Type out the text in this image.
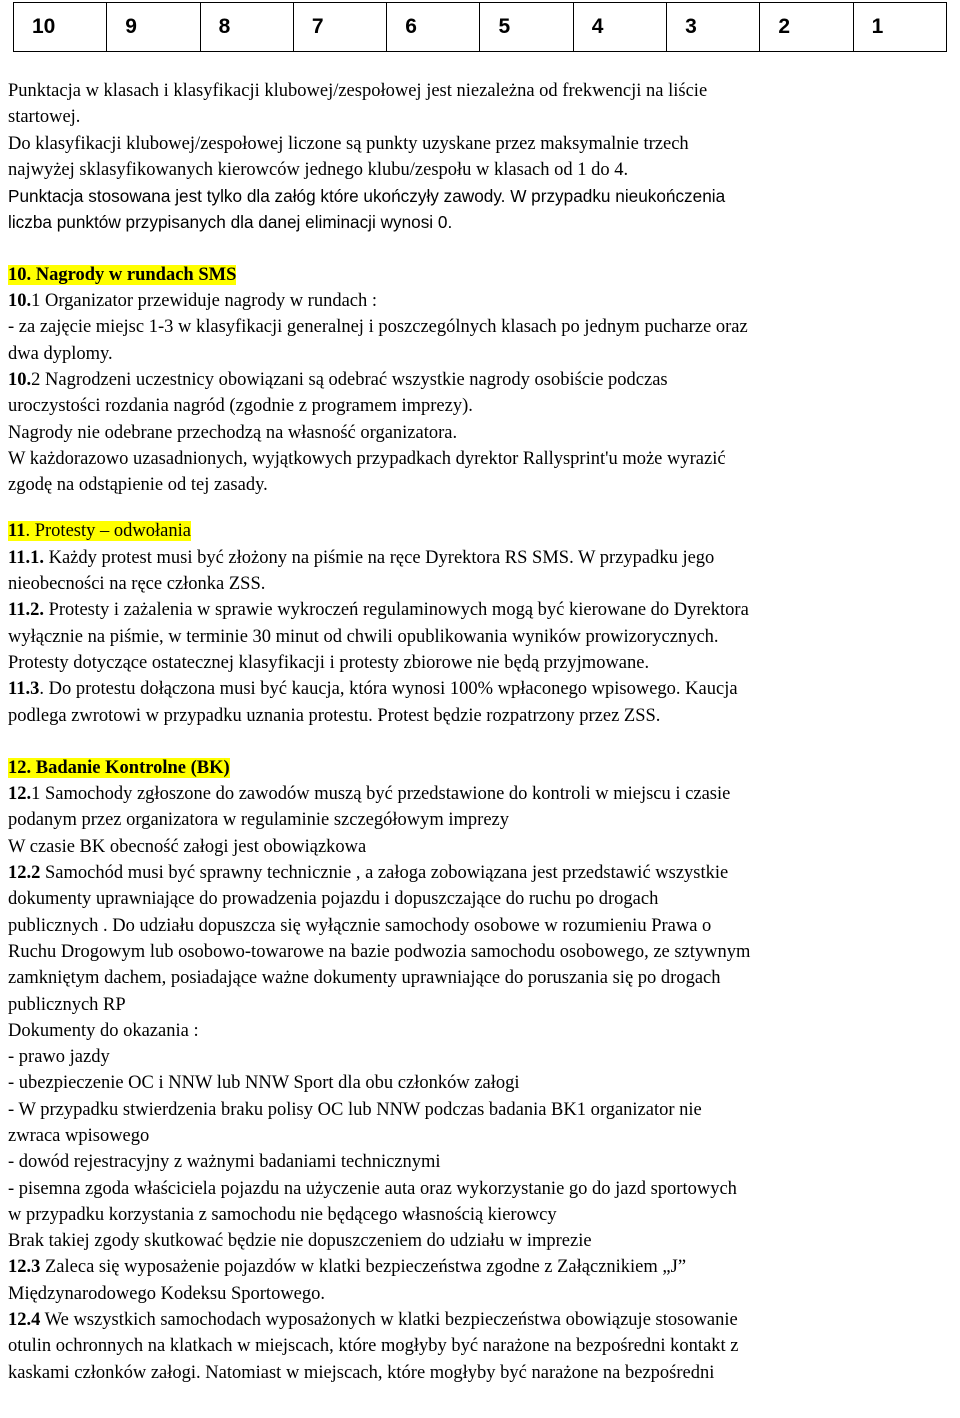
10	9	8	7	6	5	4	3	2	1

Punktacja w klasach i klasyfikacji klubowej/zespołowej jest niezależna od frekwencji na liście

startowej.

Do klasyfikacji klubowej/zespołowej liczone są punkty uzyskane przez maksymalnie trzech

najwyżej sklasyfikowanych kierowców jednego klubu/zespołu w klasach od 1 do 4.

Punktacja stosowana jest tylko dla załóg które ukończyły zawody. W przypadku nieukończenia

liczba punktów przypisanych dla danej eliminacji wynosi 0.

10. Nagrody w rundach SMS

10.1 Organizator przewiduje nagrody w rundach :

- za zajęcie miejsc 1-3 w klasyfikacji generalnej i poszczególnych klasach po jednym pucharze oraz

dwa dyplomy.

10.2 Nagrodzeni uczestnicy obowiązani są odebrać wszystkie nagrody osobiście podczas

uroczystości rozdania nagród (zgodnie z programem imprezy).

Nagrody nie odebrane przechodzą na własność organizatora.

W każdorazowo uzasadnionych, wyjątkowych przypadkach dyrektor Rallysprint'u może wyrazić

zgodę na odstąpienie od tej zasady.

11. Protesty – odwołania

11.1. Każdy protest musi być złożony na piśmie na ręce Dyrektora RS SMS. W przypadku jego

nieobecności na ręce członka ZSS.

11.2. Protesty i zażalenia w sprawie wykroczeń regulaminowych mogą być kierowane do Dyrektora

wyłącznie na piśmie, w terminie 30 minut od chwili opublikowania wyników prowizorycznych.

Protesty dotyczące ostatecznej klasyfikacji i protesty zbiorowe nie będą przyjmowane.

11.3. Do protestu dołączona musi być kaucja, która wynosi 100% wpłaconego wpisowego. Kaucja

podlega zwrotowi w przypadku uznania protestu. Protest będzie rozpatrzony przez ZSS.

12. Badanie Kontrolne (BK)

12.1 Samochody zgłoszone do zawodów muszą być przedstawione do kontroli w miejscu i czasie

podanym przez organizatora w regulaminie szczegółowym imprezy

W czasie BK obecność załogi jest obowiązkowa

12.2 Samochód musi być sprawny technicznie , a załoga zobowiązana jest przedstawić wszystkie

dokumenty uprawniające do prowadzenia pojazdu i dopuszczające do ruchu po drogach

publicznych . Do udziału dopuszcza się wyłącznie samochody osobowe w rozumieniu Prawa o

Ruchu Drogowym lub osobowo-towarowe na bazie podwozia samochodu osobowego, ze sztywnym

zamkniętym dachem, posiadające ważne dokumenty uprawniające do poruszania się po drogach

publicznych RP

Dokumenty do okazania :

- prawo jazdy

- ubezpieczenie OC i NNW lub NNW Sport dla obu członków załogi

- W przypadku stwierdzenia braku polisy OC lub NNW podczas badania BK1 organizator nie

zwraca wpisowego

- dowód rejestracyjny z ważnymi badaniami technicznymi

- pisemna zgoda właściciela pojazdu na użyczenie auta oraz wykorzystanie go do jazd sportowych

w przypadku korzystania z samochodu nie będącego własnością kierowcy

Brak takiej zgody skutkować będzie nie dopuszczeniem do udziału w imprezie

12.3 Zaleca się wyposażenie pojazdów w klatki bezpieczeństwa zgodne z Załącznikiem „J”

Międzynarodowego Kodeksu Sportowego.

12.4 We wszystkich samochodach wyposażonych w klatki bezpieczeństwa obowiązuje stosowanie

otulin ochronnych na klatkach w miejscach, które mogłyby być narażone na bezpośredni kontakt z

kaskami członków załogi. Natomiast w miejscach, które mogłyby być narażone na bezpośredni
